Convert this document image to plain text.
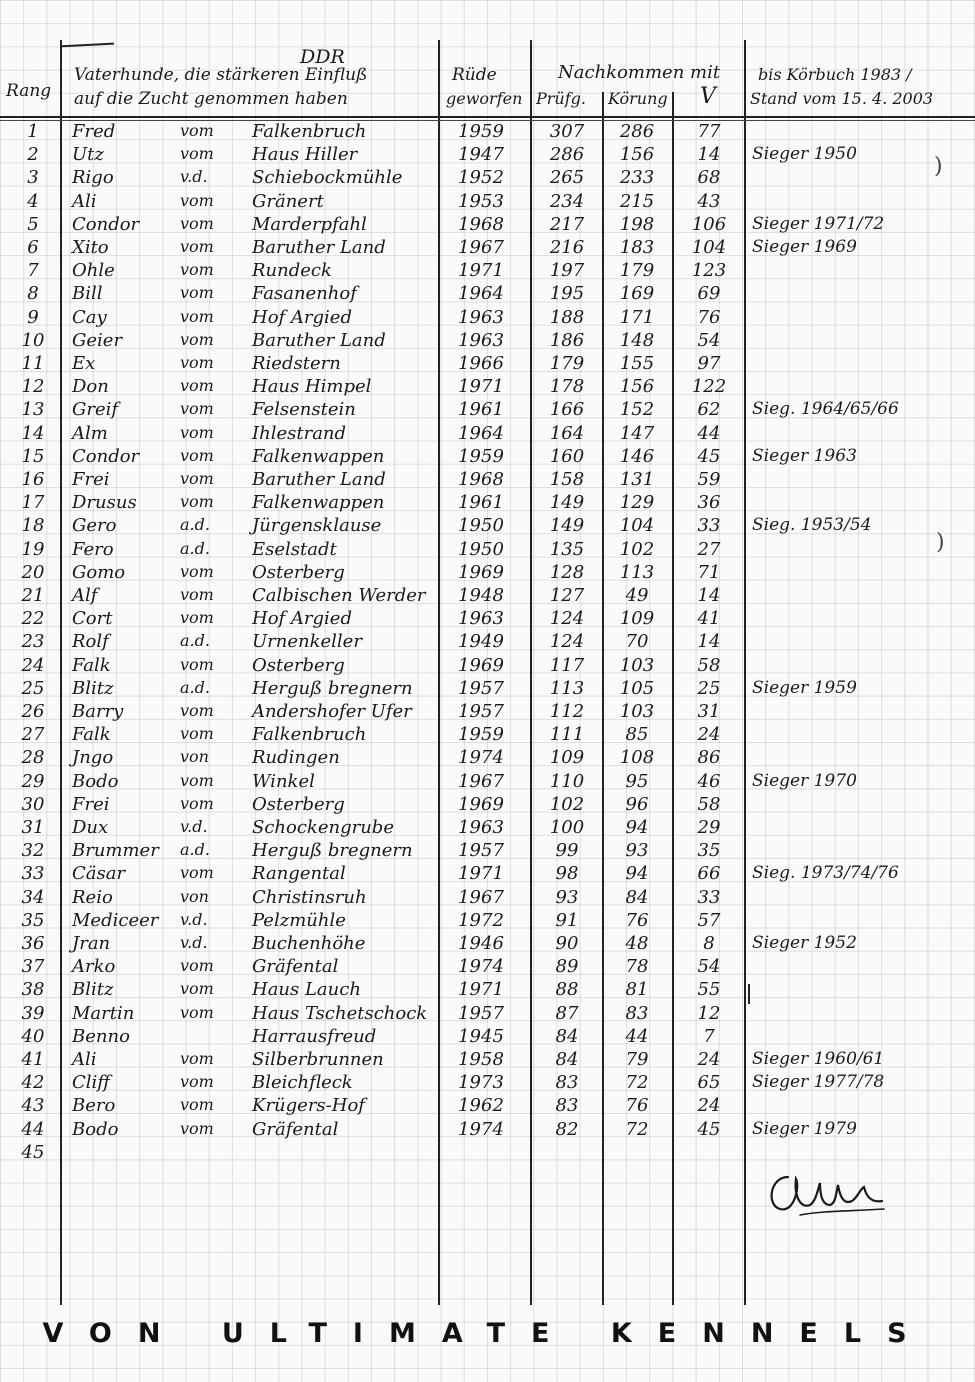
Rang
DDR
Vaterhunde, die stärkeren Einfluß
auf die Zucht genommen haben
Rüde
geworfen
Nachkommen mit
Prüfg. Körung V
bis Körbuch 1983 /
Stand vom 15. 4. 2003
1	Fred	vom Falkenbruch	1959	307	286	77
2	Utz	vom Haus Hiller	1947	286	156	14	Sieger 1950
3	Rigo	v.d. Schiebockmühle	1952	265	233	68
4	Ali	vom Gränert	1953	234	215	43
5	Condor	vom Marderpfahl	1968	217	198	106	Sieger 1971/72
6	Xito	vom Baruther Land	1967	216	183	104	Sieger 1969
7	Ohle	vom Rundeck	1971	197	179	123
8	Bill	vom Fasanenhof	1964	195	169	69
9	Cay	vom Hof Argied	1963	188	171	76
10	Geier	vom Baruther Land	1963	186	148	54
11	Ex	vom Riedstern	1966	179	155	97
12	Don	vom Haus Himpel	1971	178	156	122
13	Greif	vom Felsenstein	1961	166	152	62	Sieg. 1964/65/66
14	Alm	vom Ihlestrand	1964	164	147	44
15	Condor	vom Falkenwappen	1959	160	146	45	Sieger 1963
16	Frei	vom Baruther Land	1968	158	131	59
17	Drusus	vom Falkenwappen	1961	149	129	36
18	Gero	a.d. Jürgensklause	1950	149	104	33	Sieg. 1953/54
19	Fero	a.d. Eselstadt	1950	135	102	27
20	Gomo	vom Osterberg	1969	128	113	71
21	Alf	vom Calbischen Werder	1948	127	49	14
22	Cort	vom Hof Argied	1963	124	109	41
23	Rolf	a.d. Urnenkeller	1949	124	70	14
24	Falk	vom Osterberg	1969	117	103	58
25	Blitz	a.d. Herguß bregnern	1957	113	105	25	Sieger 1959
26	Barry	vom Andershofer Ufer	1957	112	103	31
27	Falk	vom Falkenbruch	1959	111	85	24
28	Jngo	von Rudingen	1974	109	108	86
29	Bodo	vom Winkel	1967	110	95	46	Sieger 1970
30	Frei	vom Osterberg	1969	102	96	58
31	Dux	v.d. Schockengrube	1963	100	94	29
32	Brummer a.d. Herguß bregnern	1957	99	93	35
33	Cäsar	vom Rangental	1971	98	94	66	Sieg. 1973/74/76
34	Reio	von Christinsruh	1967	93	84	33
35	Mediceer v.d. Pelzmühle	1972	91	76	57
36	Jran	v.d. Buchenhöhe	1946	90	48	8	Sieger 1952
37	Arko	vom Gräfental	1974	89	78	54
38	Blitz	vom Haus Lauch	1971	88	81	55
39	Martin	vom Haus Tschetschock	1957	87	83	12
40	Benno	Harrausfreud	1945	84	44	7
41	Ali	vom Silberbrunnen	1958	84	79	24	Sieger 1960/61
42	Cliff	vom Bleichfleck	1973	83	72	65	Sieger 1977/78
43	Bero	vom Krügers-Hof	1962	83	76	24
44	Bodo	vom Gräfental	1974	82	72	45	Sieger 1979
45
)
)
VON ULTIMATE KENNELS
